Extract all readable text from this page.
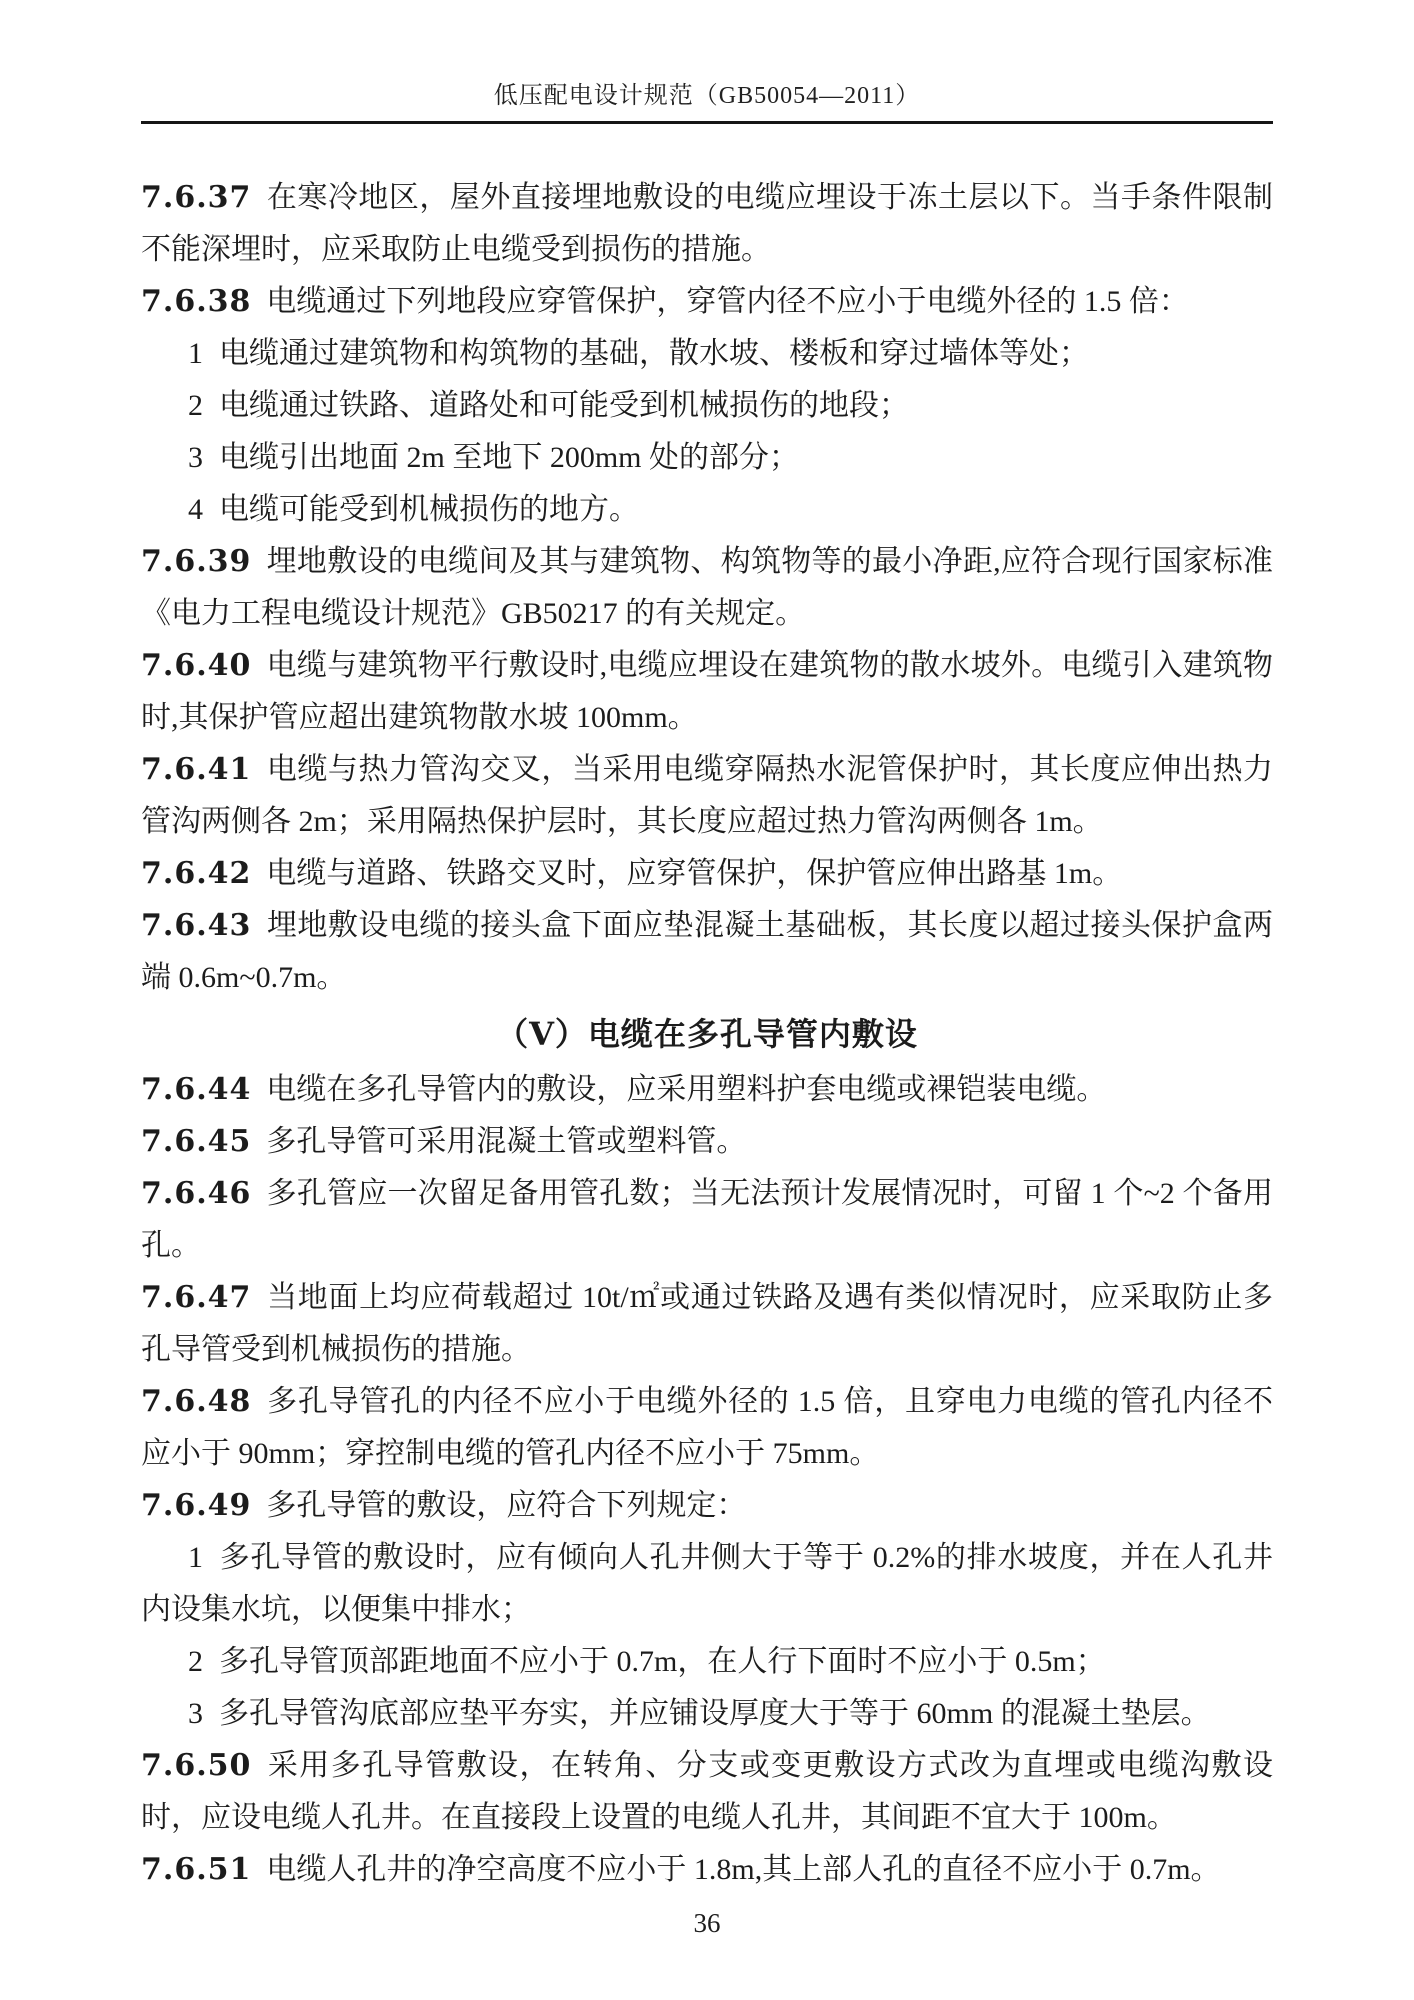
低压配电设计规范（GB50054—2011）

7.6.37 在寒冷地区，屋外直接埋地敷设的电缆应埋设于冻土层以下。当手条件限制不能深埋时，应采取防止电缆受到损伤的措施。

7.6.38 电缆通过下列地段应穿管保护，穿管内径不应小于电缆外径的 1.5 倍：

1 电缆通过建筑物和构筑物的基础，散水坡、楼板和穿过墙体等处；

2 电缆通过铁路、道路处和可能受到机械损伤的地段；

3 电缆引出地面 2m 至地下 200mm 处的部分；

4 电缆可能受到机械损伤的地方。

7.6.39 埋地敷设的电缆间及其与建筑物、构筑物等的最小净距,应符合现行国家标准《电力工程电缆设计规范》GB50217 的有关规定。

7.6.40 电缆与建筑物平行敷设时,电缆应埋设在建筑物的散水坡外。电缆引入建筑物时,其保护管应超出建筑物散水坡 100mm。

7.6.41 电缆与热力管沟交叉，当采用电缆穿隔热水泥管保护时，其长度应伸出热力管沟两侧各 2m；采用隔热保护层时，其长度应超过热力管沟两侧各 1m。

7.6.42 电缆与道路、铁路交叉时，应穿管保护，保护管应伸出路基 1m。

7.6.43 埋地敷设电缆的接头盒下面应垫混凝土基础板，其长度以超过接头保护盒两端 0.6m~0.7m。

（Ⅴ）电缆在多孔导管内敷设

7.6.44 电缆在多孔导管内的敷设，应采用塑料护套电缆或裸铠装电缆。

7.6.45 多孔导管可采用混凝土管或塑料管。

7.6.46 多孔管应一次留足备用管孔数；当无法预计发展情况时，可留 1 个~2 个备用孔。

7.6.47 当地面上均应荷载超过 10t/㎡或通过铁路及遇有类似情况时，应采取防止多孔导管受到机械损伤的措施。

7.6.48 多孔导管孔的内径不应小于电缆外径的 1.5 倍，且穿电力电缆的管孔内径不应小于 90mm；穿控制电缆的管孔内径不应小于 75mm。

7.6.49 多孔导管的敷设，应符合下列规定：

1 多孔导管的敷设时，应有倾向人孔井侧大于等于 0.2%的排水坡度，并在人孔井内设集水坑，以便集中排水；

2 多孔导管顶部距地面不应小于 0.7m，在人行下面时不应小于 0.5m；

3 多孔导管沟底部应垫平夯实，并应铺设厚度大于等于 60mm 的混凝土垫层。

7.6.50 采用多孔导管敷设，在转角、分支或变更敷设方式改为直埋或电缆沟敷设时，应设电缆人孔井。在直接段上设置的电缆人孔井，其间距不宜大于 100m。

7.6.51 电缆人孔井的净空高度不应小于 1.8m,其上部人孔的直径不应小于 0.7m。

36
